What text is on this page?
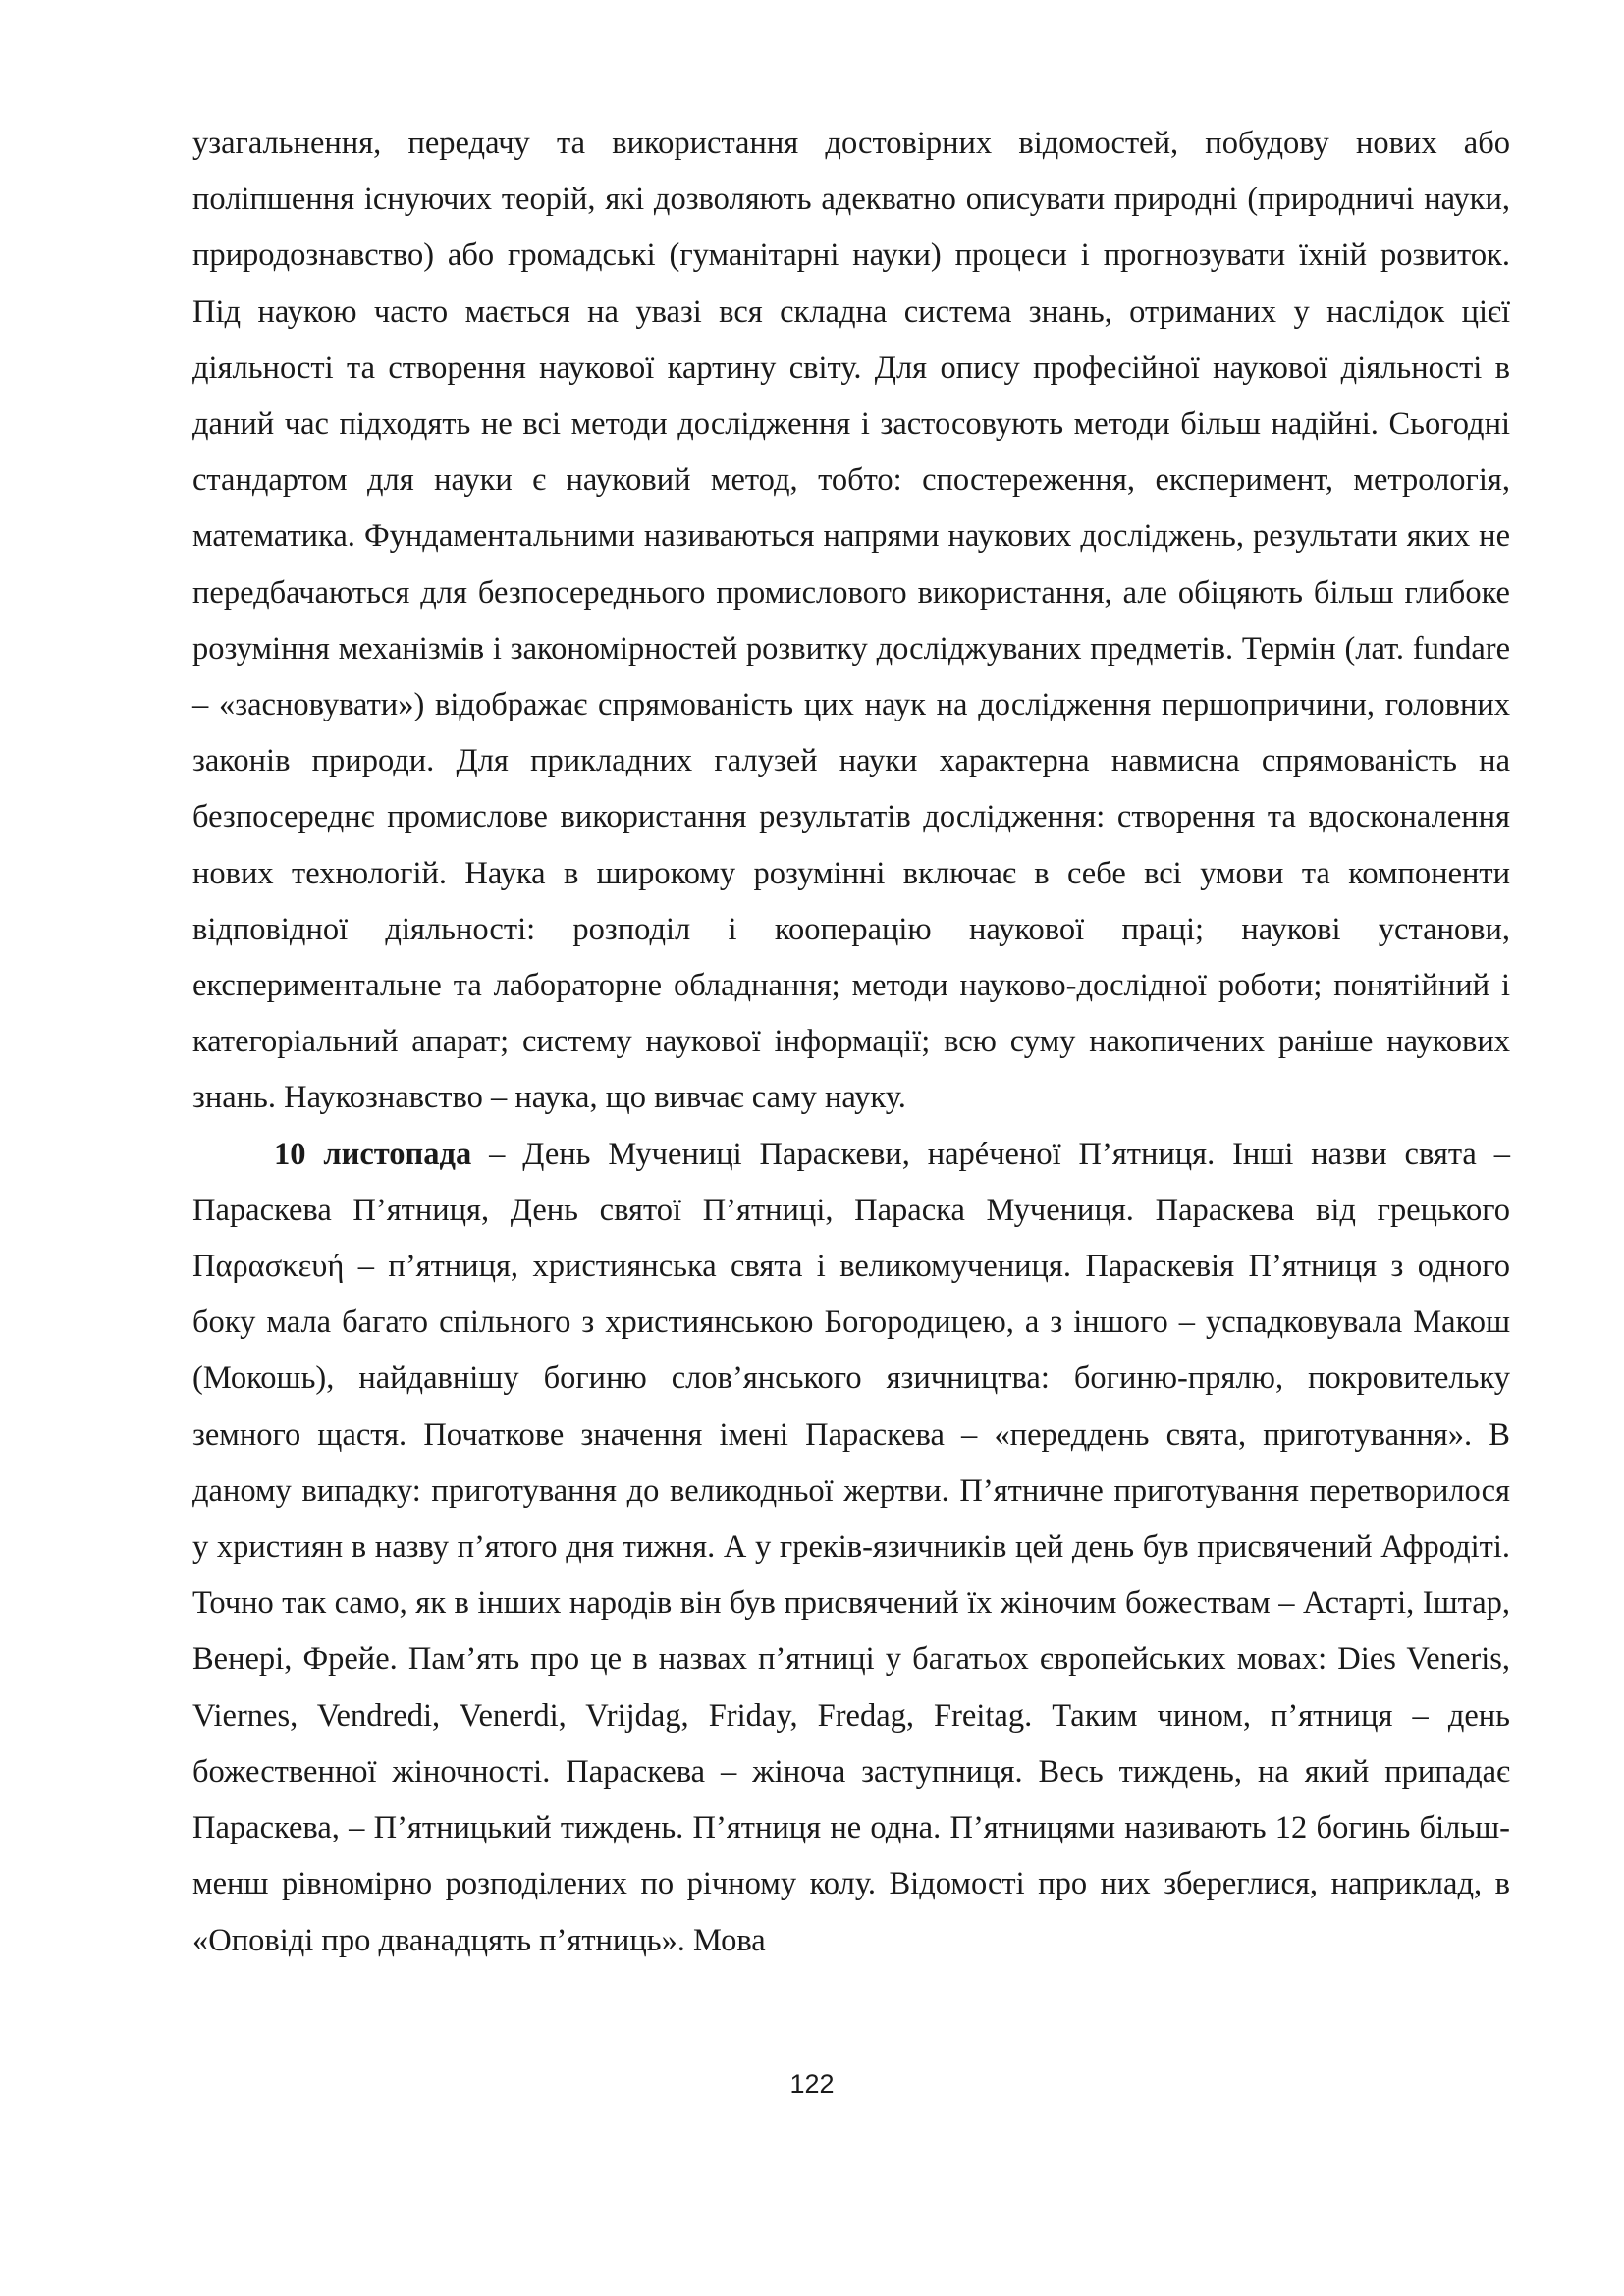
узагальнення, передачу та використання достовірних відомостей, побудову нових або поліпшення існуючих теорій, які дозволяють адекватно описувати природні (природничі науки, природознавство) або громадські (гуманітарні науки) процеси і прогнозувати їхній розвиток. Під наукою часто мається на увазі вся складна система знань, отриманих у наслідок цієї діяльності та створення наукової картину світу. Для опису професійної наукової діяльності в даний час підходять не всі методи дослідження і застосовують методи більш надійні. Сьогодні стандартом для науки є науковий метод, тобто: спостереження, експеримент, метрологія, математика. Фундаментальними називаються напрями наукових досліджень, результати яких не передбачаються для безпосереднього промислового використання, але обіцяють більш глибоке розуміння механізмів і закономірностей розвитку досліджуваних предметів. Термін (лат. fundare – «засновувати») відображає спрямованість цих наук на дослідження першопричини, головних законів природи. Для прикладних галузей науки характерна навмисна спрямованість на безпосереднє промислове використання результатів дослідження: створення та вдосконалення нових технологій. Наука в широкому розумінні включає в себе всі умови та компоненти відповідної діяльності: розподіл і кооперацію наукової праці; наукові установи, експериментальне та лабораторне обладнання; методи науково-дослідної роботи; понятійний і категоріальний апарат; систему наукової інформації; всю суму накопичених раніше наукових знань. Наукознавство – наука, що вивчає саму науку.

10 листопада – День Мучениці Параскеви, нарéченої П’ятниця. Інші назви свята – Параскева П’ятниця, День святої П’ятниці, Параска Мучениця. Параскева від грецького Παρασκευή – п’ятниця, християнська свята і великомучениця. Параскевія П’ятниця з одного боку мала багато спільного з християнською Богородицею, а з іншого – успадковувала Макош (Мокошь), найдавнішу богиню слов’янського язичництва: богиню-прялю, покровительку земного щастя. Початкове значення імені Параскева – «переддень свята, приготування». В даному випадку: приготування до великодньої жертви. П’ятничне приготування перетворилося у християн в назву п’ятого дня тижня. А у греків-язичників цей день був присвячений Афродіті. Точно так само, як в інших народів він був присвячений їх жіночим божествам – Астарті, Іштар, Венері, Фрейе. Пам’ять про це в назвах п’ятниці у багатьох європейських мовах: Dies Veneris, Viernes, Vendredi, Venerdi, Vrijdag, Friday, Fredag, Freitag. Таким чином, п’ятниця – день божественної жіночності. Параскева – жіноча заступниця. Весь тиждень, на який припадає Параскева, – П’ятницький тиждень. П’ятниця не одна. П’ятницями називають 12 богинь більш-менш рівномірно розподілених по річному колу. Відомості про них збереглися, наприклад, в «Оповіді про дванадцять п’ятниць». Мова

122
